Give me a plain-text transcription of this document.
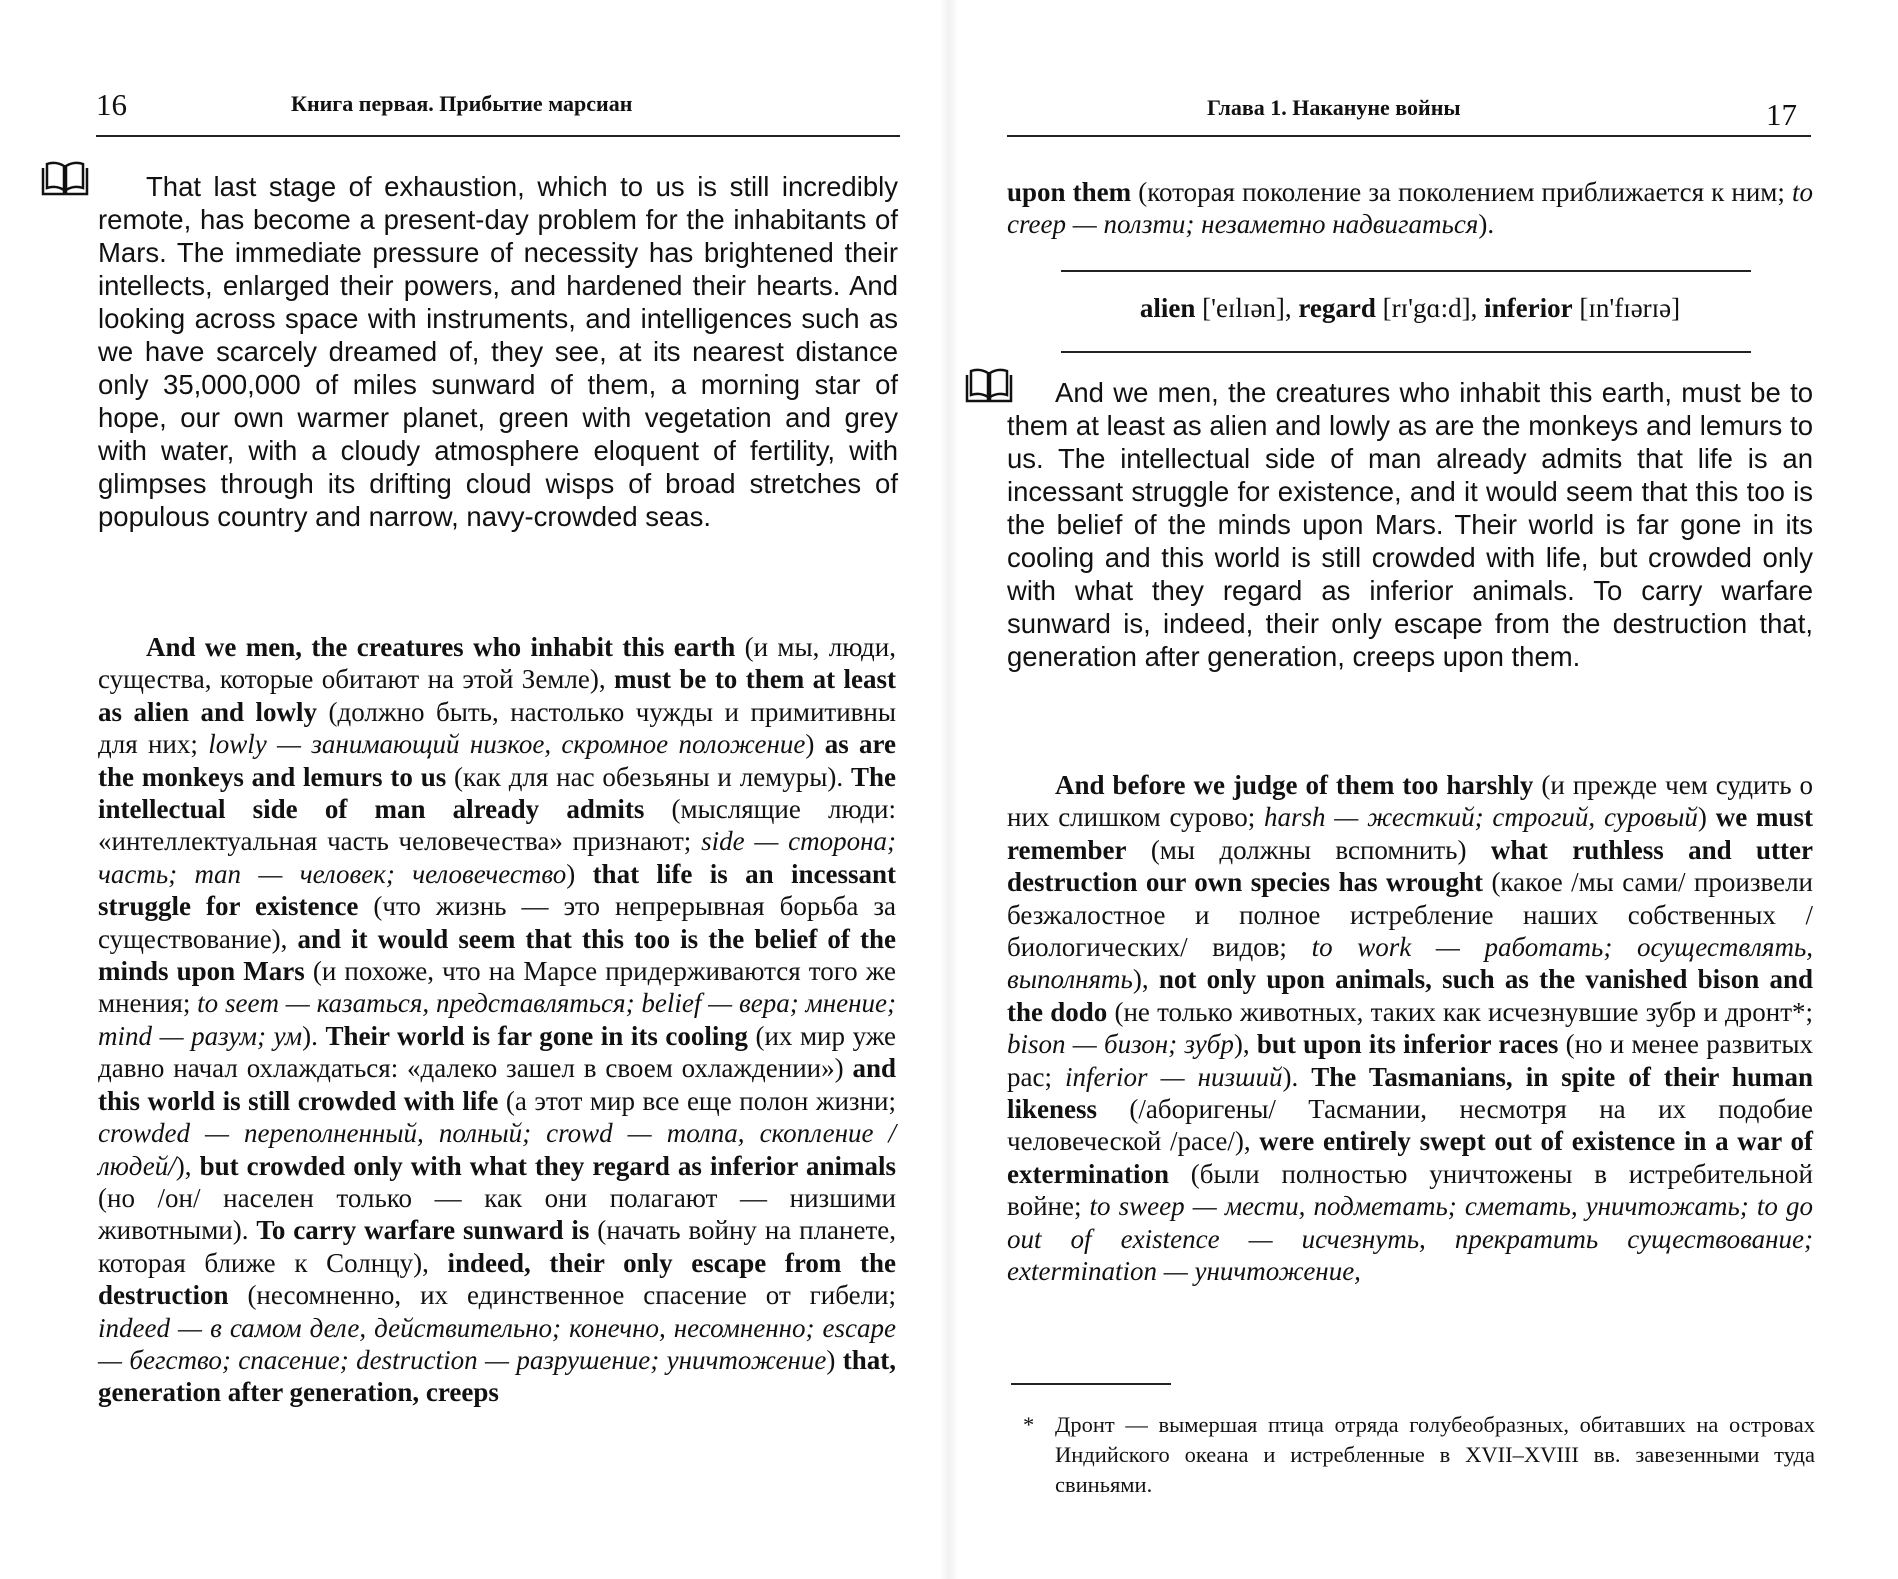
16	Книга первая. Прибытие марсиан

That last stage of exhaustion, which to us is still incredibly remote, has become a present-day problem for the inhabitants of Mars. The immediate pressure of necessity has brightened their intellects, enlarged their powers, and hardened their hearts. And looking across space with instruments, and intelligences such as we have scarcely dreamed of, they see, at its nearest distance only 35,000,000 of miles sunward of them, a morning star of hope, our own warmer planet, green with vegetation and grey with water, with a cloudy atmosphere eloquent of fertility, with glimpses through its drifting cloud wisps of broad stretches of populous country and narrow, navy-crowded seas.

And we men, the creatures who inhabit this earth (и мы, люди, существа, которые обитают на этой Земле), must be to them at least as alien and lowly (должно быть, настолько чужды и примитивны для них; lowly — занимающий низкое, скромное положение) as are the monkeys and lemurs to us (как для нас обезьяны и лемуры). The intellectual side of man already admits (мыслящие люди: «интеллектуальная часть человечества» признают; side — сторона; часть; man — человек; человечество) that life is an incessant struggle for existence (что жизнь — это непрерывная борьба за существование), and it would seem that this too is the belief of the minds upon Mars (и похоже, что на Марсе придерживаются того же мнения; to seem — казаться, представляться; belief — вера; мнение; mind — разум; ум). Their world is far gone in its cooling (их мир уже давно начал охлаждаться: «далеко зашел в своем охлаждении») and this world is still crowded with life (а этот мир все еще полон жизни; crowded — переполненный, полный; crowd — толпа, скопление /людей/), but crowded only with what they regard as inferior animals (но /он/ населен только — как они полагают — низшими животными). To carry warfare sunward is (начать войну на планете, которая ближе к Солнцу), indeed, their only escape from the destruction (несомненно, их единственное спасение от гибели; indeed — в самом деле, действительно; конечно, несомненно; escape — бегство; спасение; destruction — разрушение; уничтожение) that, generation after generation, creeps

Глава 1. Накануне войны	17

upon them (которая поколение за поколением приближается к ним; to creep — ползти; незаметно надвигаться).

alien ['eɪlɪən], regard [rɪ'gɑ:d], inferior [ɪn'fɪərɪə]

And we men, the creatures who inhabit this earth, must be to them at least as alien and lowly as are the monkeys and lemurs to us. The intellectual side of man already admits that life is an incessant struggle for existence, and it would seem that this too is the belief of the minds upon Mars. Their world is far gone in its cooling and this world is still crowded with life, but crowded only with what they regard as inferior animals. To carry warfare sunward is, indeed, their only escape from the destruction that, generation after generation, creeps upon them.

And before we judge of them too harshly (и прежде чем судить о них слишком сурово; harsh — жесткий; строгий, суровый) we must remember (мы должны вспомнить) what ruthless and utter destruction our own species has wrought (какое /мы сами/ произвели безжалостное и полное истребление наших собственных /биологических/ видов; to work — работать; осуществлять, выполнять), not only upon animals, such as the vanished bison and the dodo (не только животных, таких как исчезнувшие зубр и дронт*; bison — бизон; зубр), but upon its inferior races (но и менее развитых рас; inferior — низший). The Tasmanians, in spite of their human likeness (/аборигены/ Тасмании, несмотря на их подобие человеческой /расе/), were entirely swept out of existence in a war of extermination (были полностью уничтожены в истребительной войне; to sweep — мести, подметать; сметать, уничтожать; to go out of existence — исчезнуть, прекратить существование; extermination — уничтожение,

* Дронт — вымершая птица отряда голубеобразных, обитавших на островах Индийского океана и истребленные в XVII–XVIII вв. завезенными туда свиньями.
